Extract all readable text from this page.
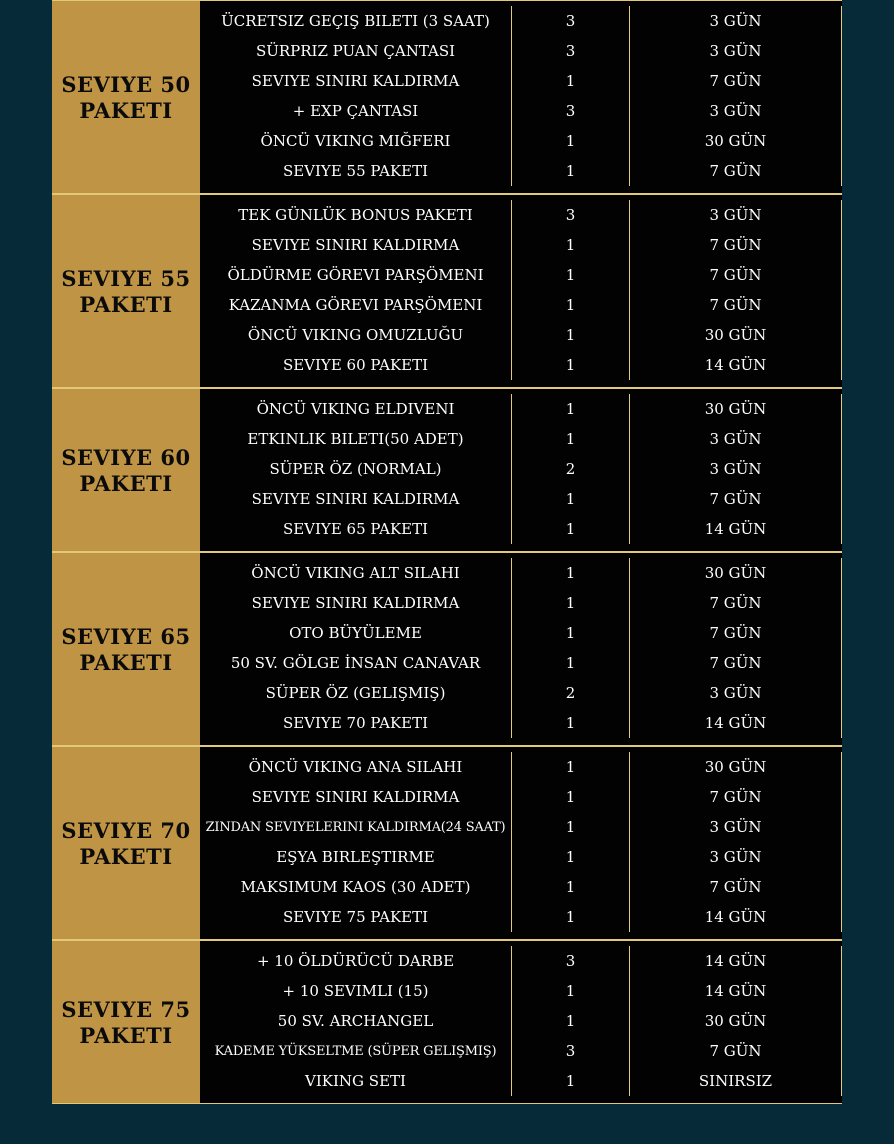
SEVIYE 50
PAKETI
ÜCRETSIZ GEÇIŞ BILETI (3 SAAT)	3	3 GÜN
SÜRPRIZ PUAN ÇANTASI	3	3 GÜN
SEVIYE SINIRI KALDIRMA	1	7 GÜN
+ EXP ÇANTASI	3	3 GÜN
ÖNCÜ VIKING MIĞFERI	1	30 GÜN
SEVIYE 55 PAKETI	1	7 GÜN
SEVIYE 55
PAKETI
TEK GÜNLÜK BONUS PAKETI	3	3 GÜN
SEVIYE SINIRI KALDIRMA	1	7 GÜN
ÖLDÜRME GÖREVI PARŞÖMENI	1	7 GÜN
KAZANMA GÖREVI PARŞÖMENI	1	7 GÜN
ÖNCÜ VIKING OMUZLUĞU	1	30 GÜN
SEVIYE 60 PAKETI	1	14 GÜN
SEVIYE 60
PAKETI
ÖNCÜ VIKING ELDIVENI	1	30 GÜN
ETKINLIK BILETI(50 ADET)	1	3 GÜN
SÜPER ÖZ (NORMAL)	2	3 GÜN
SEVIYE SINIRI KALDIRMA	1	7 GÜN
SEVIYE 65 PAKETI	1	14 GÜN
SEVIYE 65
PAKETI
ÖNCÜ VIKING ALT SILAHI	1	30 GÜN
SEVIYE SINIRI KALDIRMA	1	7 GÜN
OTO BÜYÜLEME	1	7 GÜN
50 SV. GÖLGE İNSAN CANAVAR	1	7 GÜN
SÜPER ÖZ (GELIŞMIŞ)	2	3 GÜN
SEVIYE 70 PAKETI	1	14 GÜN
SEVIYE 70
PAKETI
ÖNCÜ VIKING ANA SILAHI	1	30 GÜN
SEVIYE SINIRI KALDIRMA	1	7 GÜN
ZINDAN SEVIYELERINI KALDIRMA(24 SAAT)	1	3 GÜN
EŞYA BIRLEŞTIRME	1	3 GÜN
MAKSIMUM KAOS (30 ADET)	1	7 GÜN
SEVIYE 75 PAKETI	1	14 GÜN
SEVIYE 75
PAKETI
+ 10 ÖLDÜRÜCÜ DARBE	3	14 GÜN
+ 10 SEVIMLI (15)	1	14 GÜN
50 SV. ARCHANGEL	1	30 GÜN
KADEME YÜKSELTME (SÜPER GELIŞMIŞ)	3	7 GÜN
VIKING SETI	1	SINIRSIZ
